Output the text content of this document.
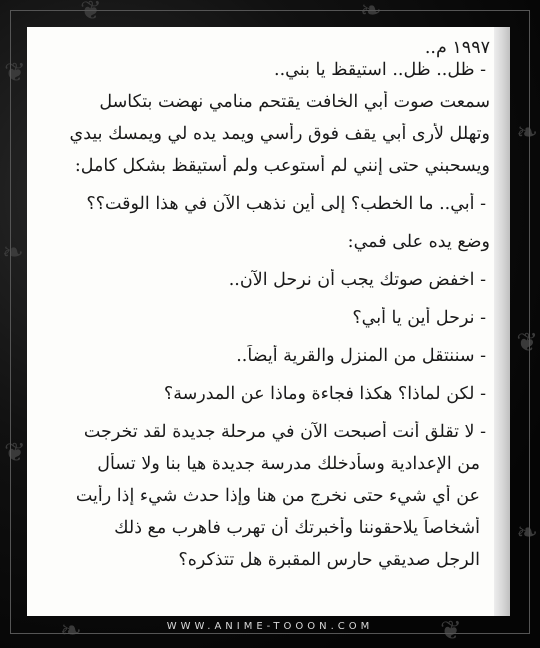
❦
❧
❦
❧
❦
❧
❦	❧
❧	❦

١٩٩٧ م..

- ظل.. ظل.. استيقظ يا بني..

سمعت صوت أبي الخافت يقتحم منامي نهضت بتكاسل

وتهلل لأرى أبي يقف فوق رأسي ويمد يده لي ويمسك بيدي

ويسحبني حتى إنني لم أستوعب ولم أستيقظ بشكل كامل:

- أبي.. ما الخطب؟ إلى أين نذهب الآن في هذا الوقت؟؟

وضع يده على فمي:

- اخفض صوتك يجب أن نرحل الآن..

- نرحل أين يا أبي؟

- سننتقل من المنزل والقرية أيضاً..

- لكن لماذا؟ هكذا فجاءة وماذا عن المدرسة؟

- لا تقلق أنت أصبحت الآن في مرحلة جديدة لقد تخرجت

من الإعدادية وسأدخلك مدرسة جديدة هيا بنا ولا تسأل

عن أي شيء حتى نخرج من هنا وإذا حدث شيء إذا رأيت

أشخاصاً يلاحقوننا وأخبرتك أن تهرب فاهرب مع ذلك

الرجل صديقي حارس المقبرة هل تتذكره؟

WWW.ANIME-TOOON.COM
